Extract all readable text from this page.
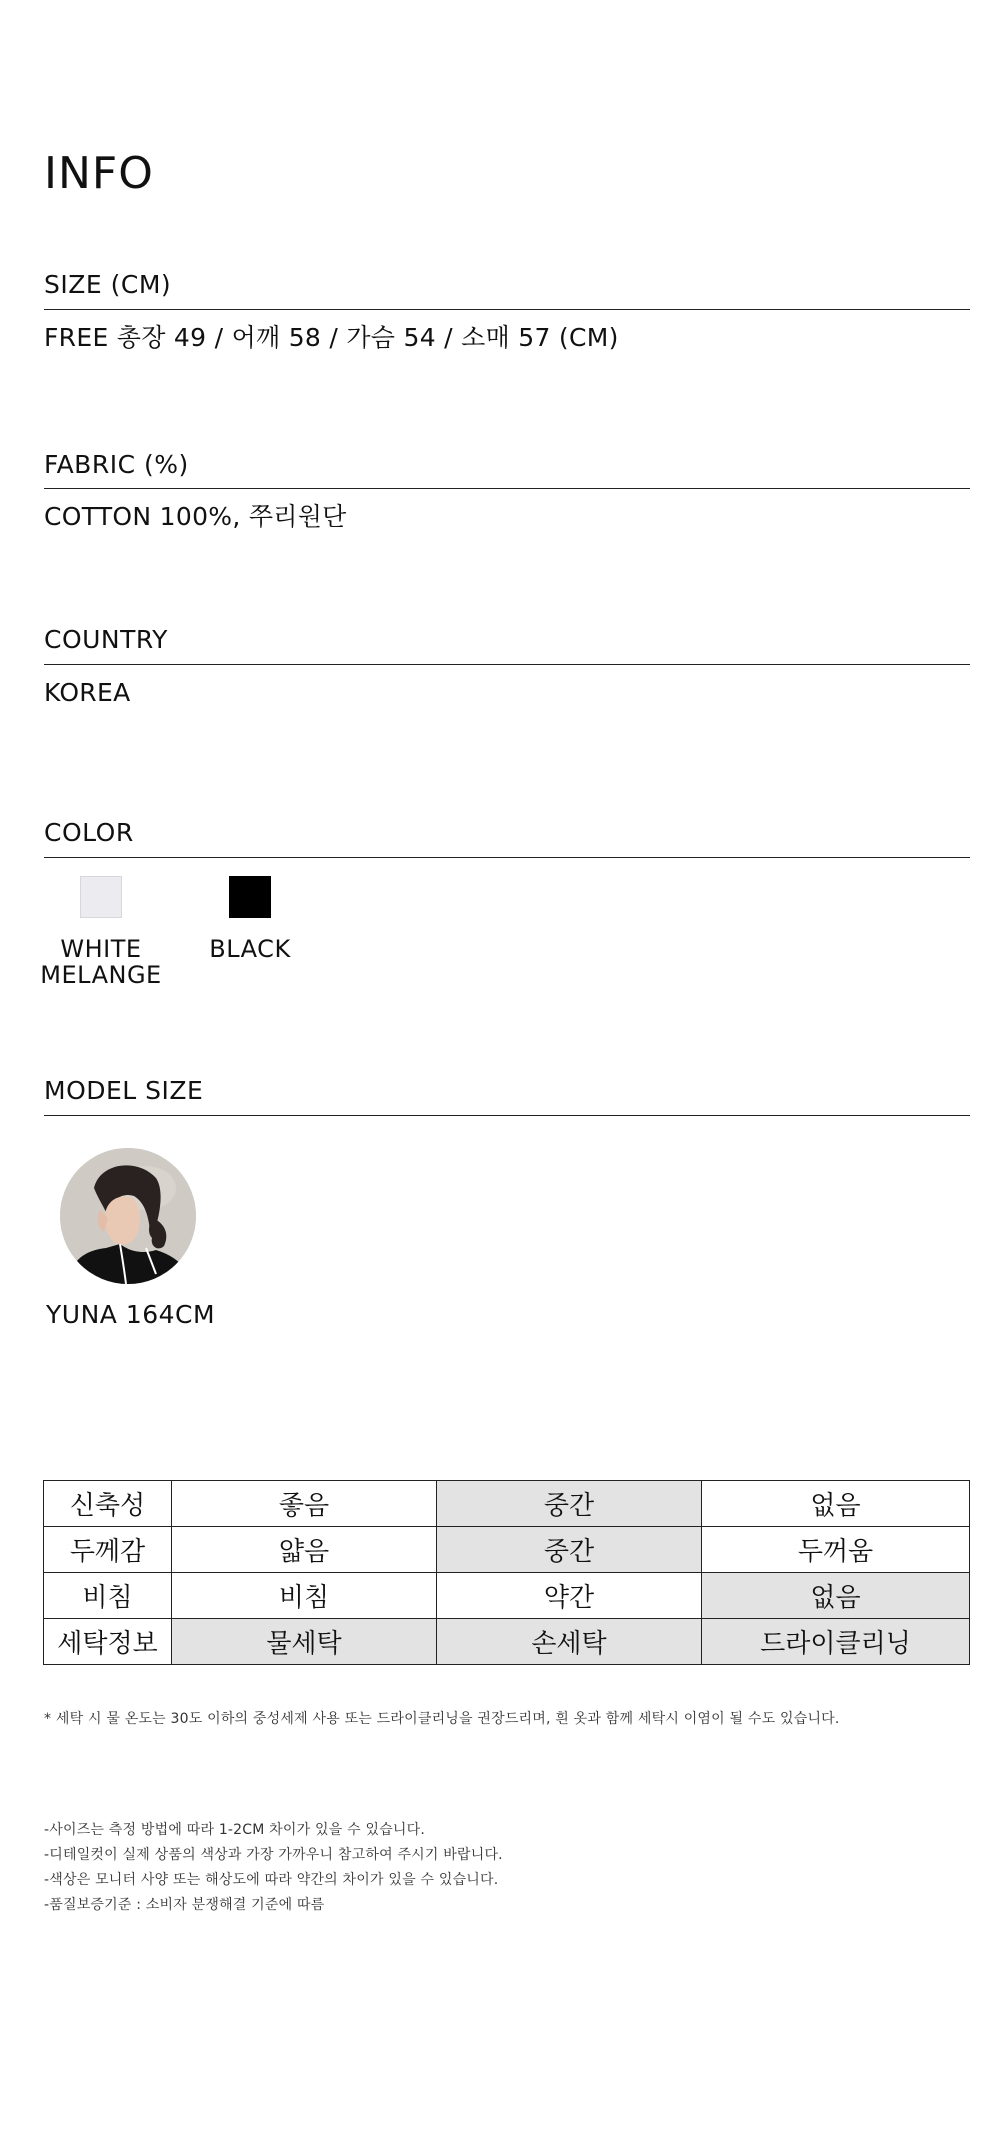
INFO
SIZE (CM)
FREE 총장 49 / 어깨 58 / 가슴 54 / 소매 57 (CM)
FABRIC (%)
COTTON 100%, 쭈리원단
COUNTRY
KOREA
COLOR
WHITE
MELANGE
BLACK
MODEL SIZE
YUNA 164CM
신축성	좋음	중간	없음
두께감	얇음	중간	두꺼움
비침	비침	약간	없음
세탁정보	물세탁	손세탁	드라이클리닝
* 세탁 시 물 온도는 30도 이하의 중성세제 사용 또는 드라이클리닝을 권장드리며, 흰 옷과 함께 세탁시 이염이 될 수도 있습니다.
-사이즈는 측정 방법에 따라 1-2CM 차이가 있을 수 있습니다.
-디테일컷이 실제 상품의 색상과 가장 가까우니 참고하여 주시기 바랍니다.
-색상은 모니터 사양 또는 해상도에 따라 약간의 차이가 있을 수 있습니다.
-품질보증기준 : 소비자 분쟁해결 기준에 따름
